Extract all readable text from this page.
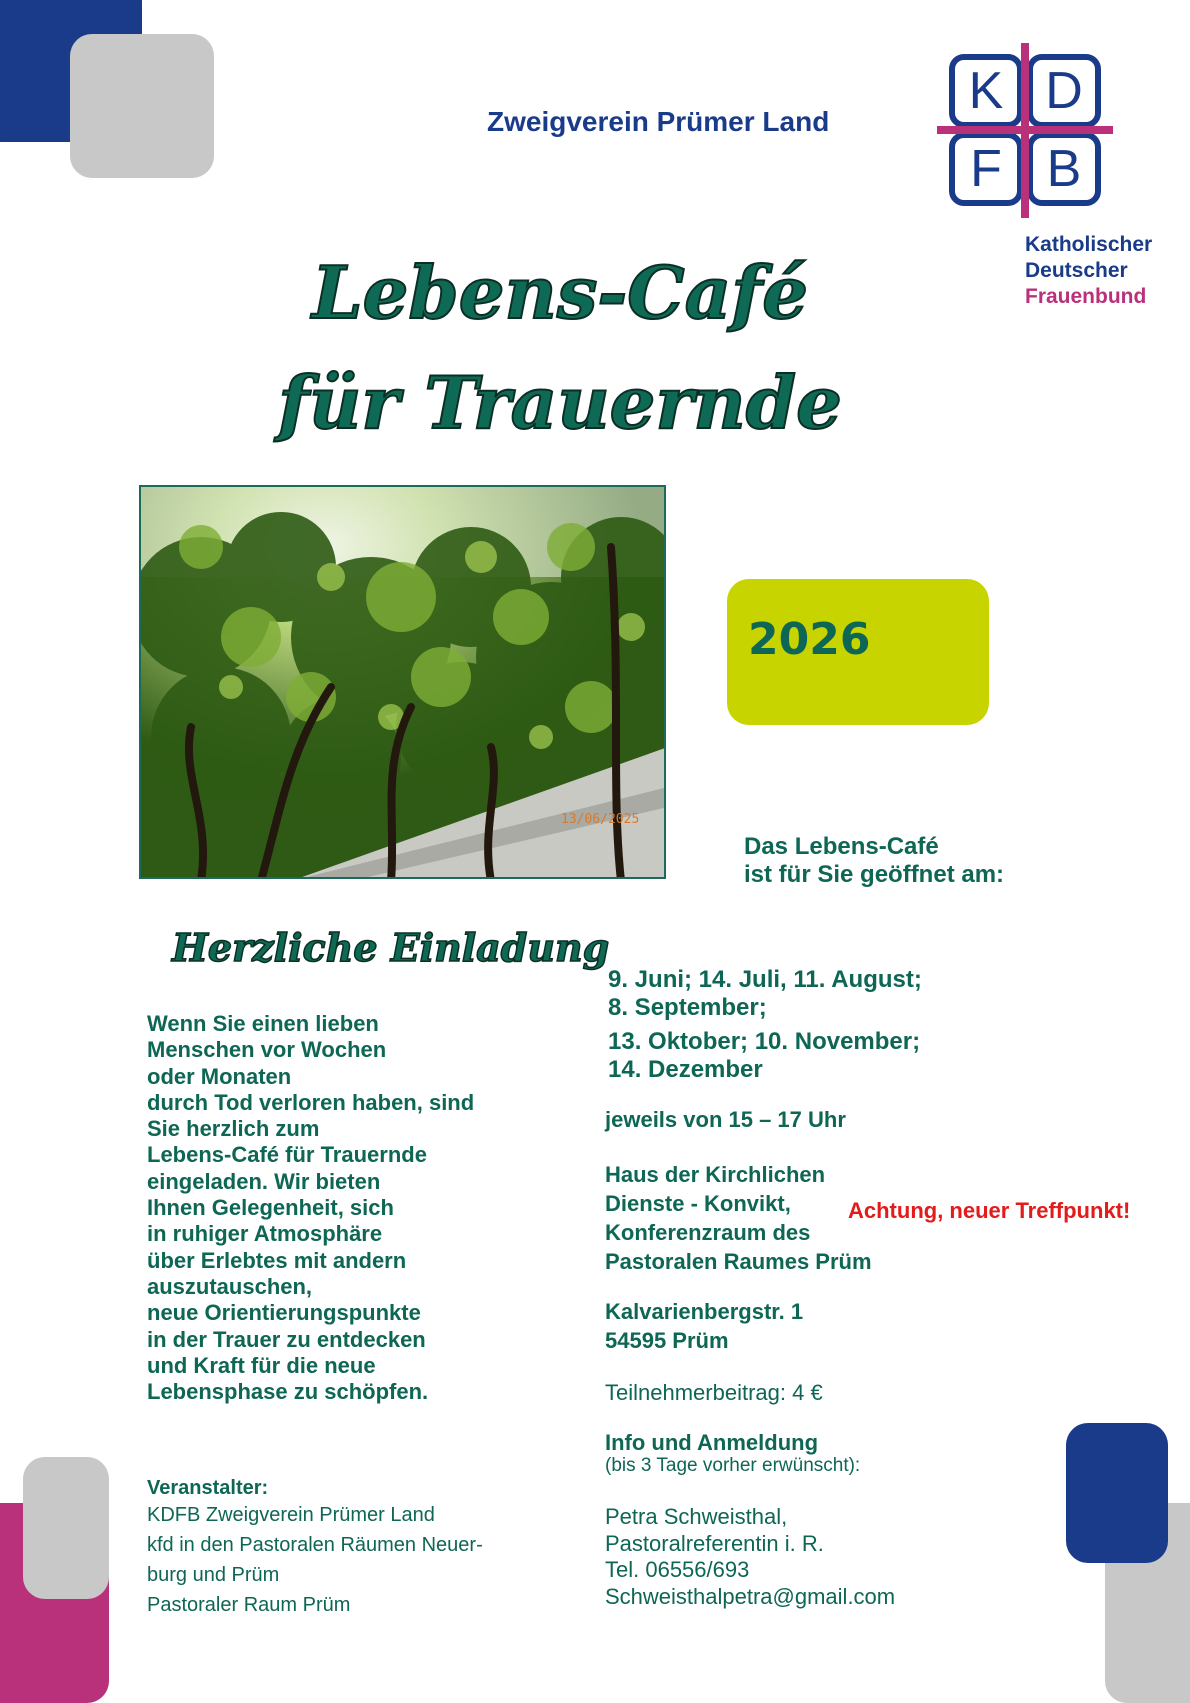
Zweigverein Prümer Land
K D
F B
Katholischer
Deutscher
Frauenbund
Lebens-Café
für Trauernde
13/06/2025
2026
Das Lebens-Café
ist für Sie geöffnet am:
Herzliche Einladung
Wenn Sie einen lieben
Menschen vor Wochen
oder Monaten
durch Tod verloren haben, sind
Sie herzlich zum
Lebens-Café für Trauernde
eingeladen. Wir bieten
Ihnen Gelegenheit, sich
in ruhiger Atmosphäre
über Erlebtes mit andern
auszutauschen,
neue Orientierungspunkte
in der Trauer zu entdecken
und Kraft für die neue
Lebensphase zu schöpfen.
9. Juni; 14. Juli, 11. August;
8. September;
13. Oktober; 10. November;
14. Dezember
jeweils von 15 – 17 Uhr
Haus der Kirchlichen
Dienste - Konvikt,
Konferenzraum des
Pastoralen Raumes Prüm
Achtung, neuer Treffpunkt!
Kalvarienbergstr. 1
54595 Prüm
Teilnehmerbeitrag: 4 €
Info und Anmeldung
(bis 3 Tage vorher erwünscht):
Petra Schweisthal,
Pastoralreferentin i. R.
Tel. 06556/693
Schweisthalpetra@gmail.com
Veranstalter:
KDFB Zweigverein Prümer Land
kfd in den Pastoralen Räumen Neuer-
burg und Prüm
Pastoraler Raum Prüm
